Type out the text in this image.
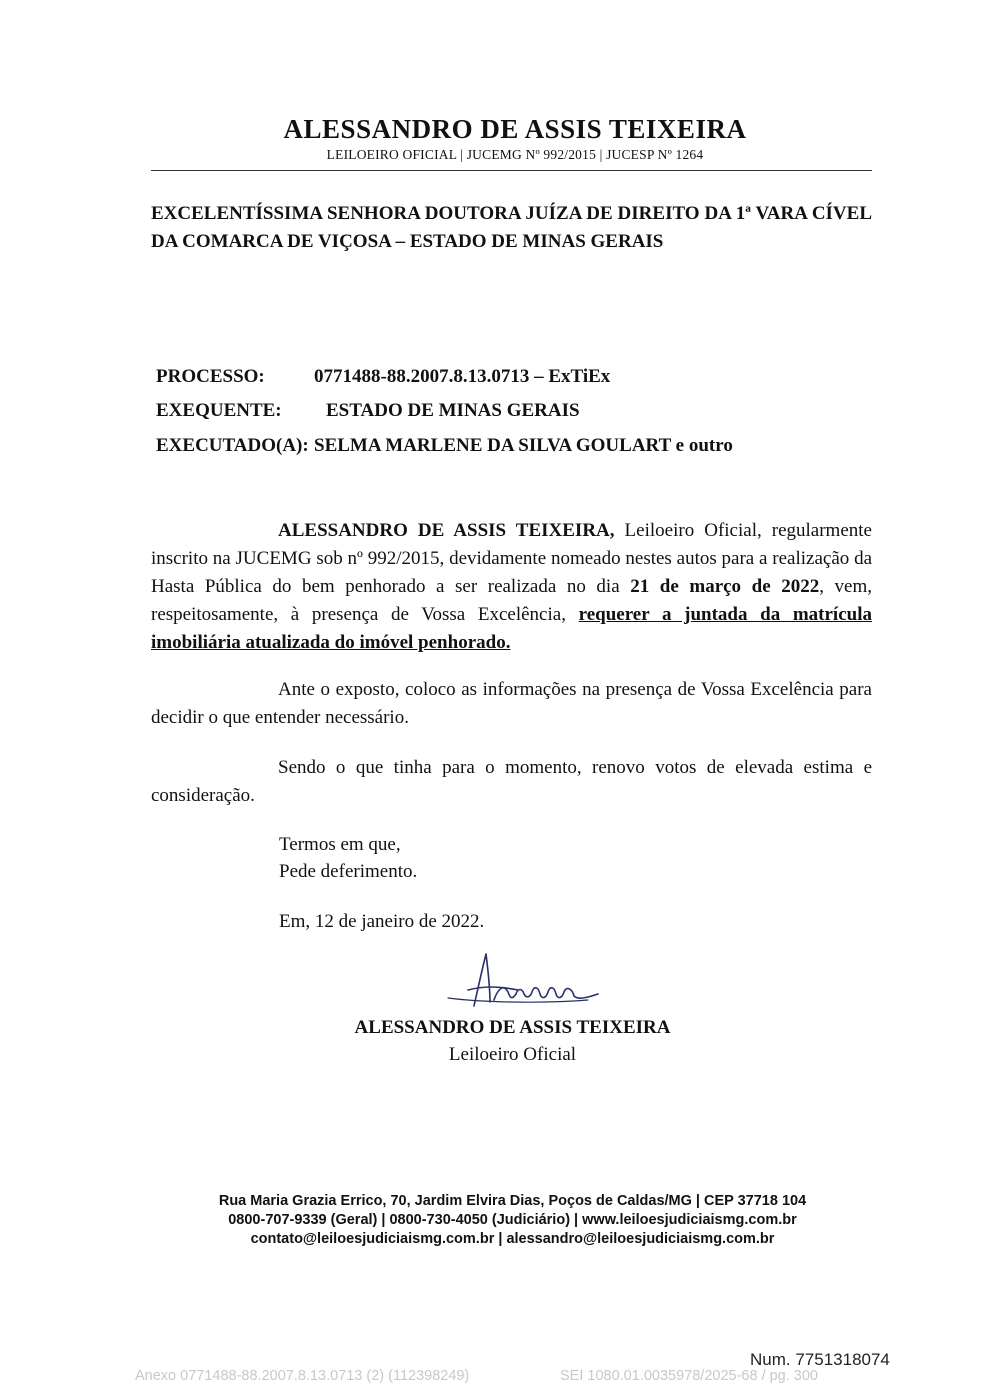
ALESSANDRO DE ASSIS TEIXEIRA
LEILOEIRO OFICIAL | JUCEMG Nº 992/2015 | JUCESP Nº 1264
EXCELENTÍSSIMA SENHORA DOUTORA JUÍZA DE DIREITO DA 1ª VARA CÍVEL DA COMARCA DE VIÇOSA – ESTADO DE MINAS GERAIS
PROCESSO:	0771488-88.2007.8.13.0713 – ExTiEx
EXEQUENTE: ESTADO DE MINAS GERAIS
EXECUTADO(A): SELMA MARLENE DA SILVA GOULART e outro
ALESSANDRO DE ASSIS TEIXEIRA, Leiloeiro Oficial, regularmente inscrito na JUCEMG sob nº 992/2015, devidamente nomeado nestes autos para a realização da Hasta Pública do bem penhorado a ser realizada no dia 21 de março de 2022, vem, respeitosamente, à presença de Vossa Excelência, requerer a juntada da matrícula imobiliária atualizada do imóvel penhorado.
Ante o exposto, coloco as informações na presença de Vossa Excelência para decidir o que entender necessário.
Sendo o que tinha para o momento, renovo votos de elevada estima e consideração.
Termos em que,
Pede deferimento.
Em, 12 de janeiro de 2022.
ALESSANDRO DE ASSIS TEIXEIRA
Leiloeiro Oficial
Rua Maria Grazia Errico, 70, Jardim Elvira Dias, Poços de Caldas/MG | CEP 37718 104
0800-707-9339 (Geral) | 0800-730-4050 (Judiciário) | www.leiloesjudiciaismg.com.br
contato@leiloesjudiciaismg.com.br | alessandro@leiloesjudiciaismg.com.br
Num. 7751318074
Anexo 0771488-88.2007.8.13.0713 (2) (112398249)	SEI 1080.01.0035978/2025-68 / pg. 300
